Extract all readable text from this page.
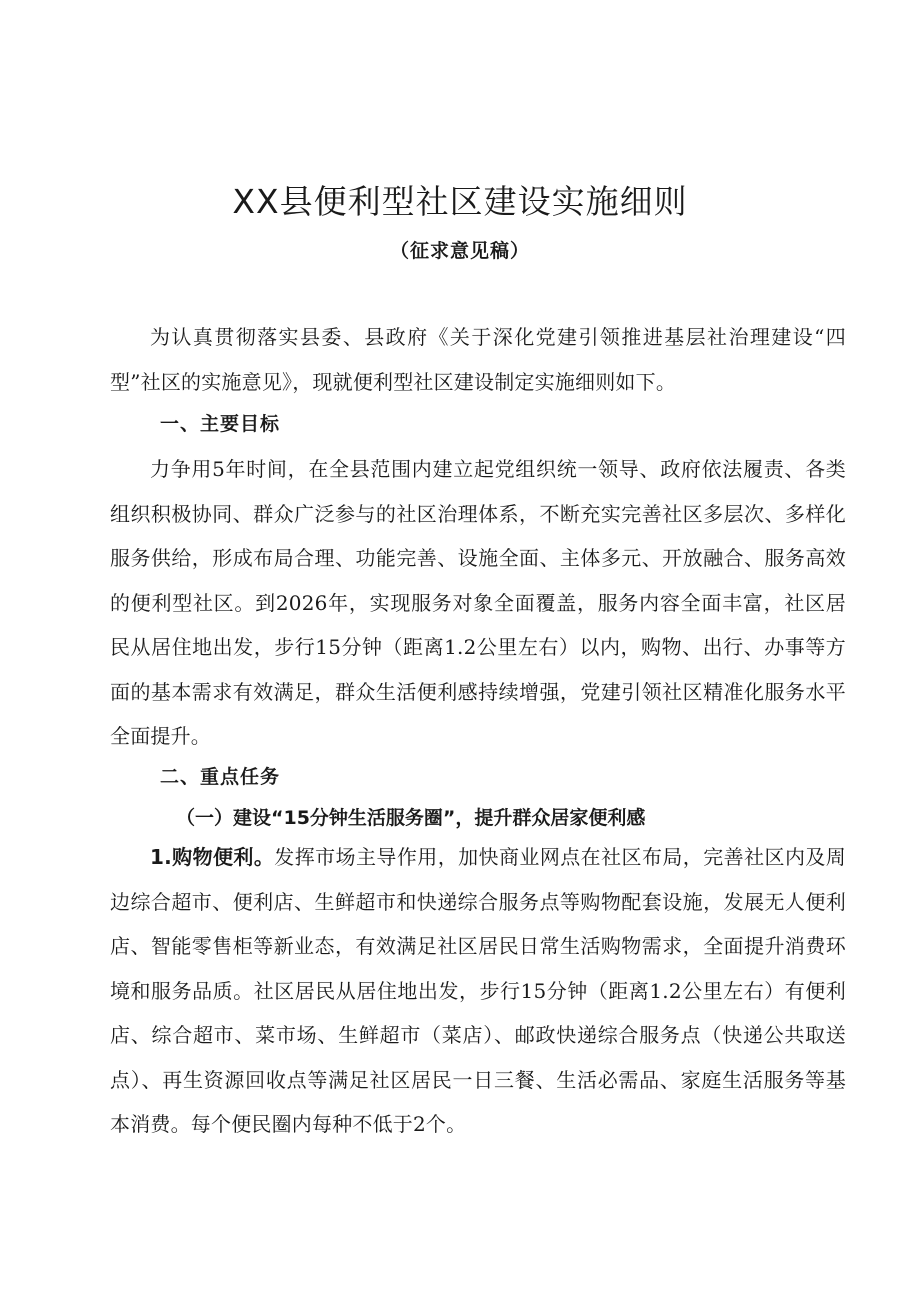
XX县便利型社区建设实施细则
（征求意见稿）

为认真贯彻落实县委、县政府《关于深化党建引领推进基层社治理建设“四型”社区的实施意见》，现就便利型社区建设制定实施细则如下。

一、主要目标

力争用5年时间，在全县范围内建立起党组织统一领导、政府依法履责、各类组织积极协同、群众广泛参与的社区治理体系，不断充实完善社区多层次、多样化服务供给，形成布局合理、功能完善、设施全面、主体多元、开放融合、服务高效的便利型社区。到2026年，实现服务对象全面覆盖，服务内容全面丰富，社区居民从居住地出发，步行15分钟（距离1.2公里左右）以内，购物、出行、办事等方面的基本需求有效满足，群众生活便利感持续增强，党建引领社区精准化服务水平全面提升。

二、重点任务
（一）建设“15分钟生活服务圈”，提升群众居家便利感

1.购物便利。发挥市场主导作用，加快商业网点在社区布局，完善社区内及周边综合超市、便利店、生鲜超市和快递综合服务点等购物配套设施，发展无人便利店、智能零售柜等新业态，有效满足社区居民日常生活购物需求，全面提升消费环境和服务品质。社区居民从居住地出发，步行15分钟（距离1.2公里左右）有便利店、综合超市、菜市场、生鲜超市（菜店）、邮政快递综合服务点（快递公共取送点）、再生资源回收点等满足社区居民一日三餐、生活必需品、家庭生活服务等基本消费。每个便民圈内每种不低于2个。
